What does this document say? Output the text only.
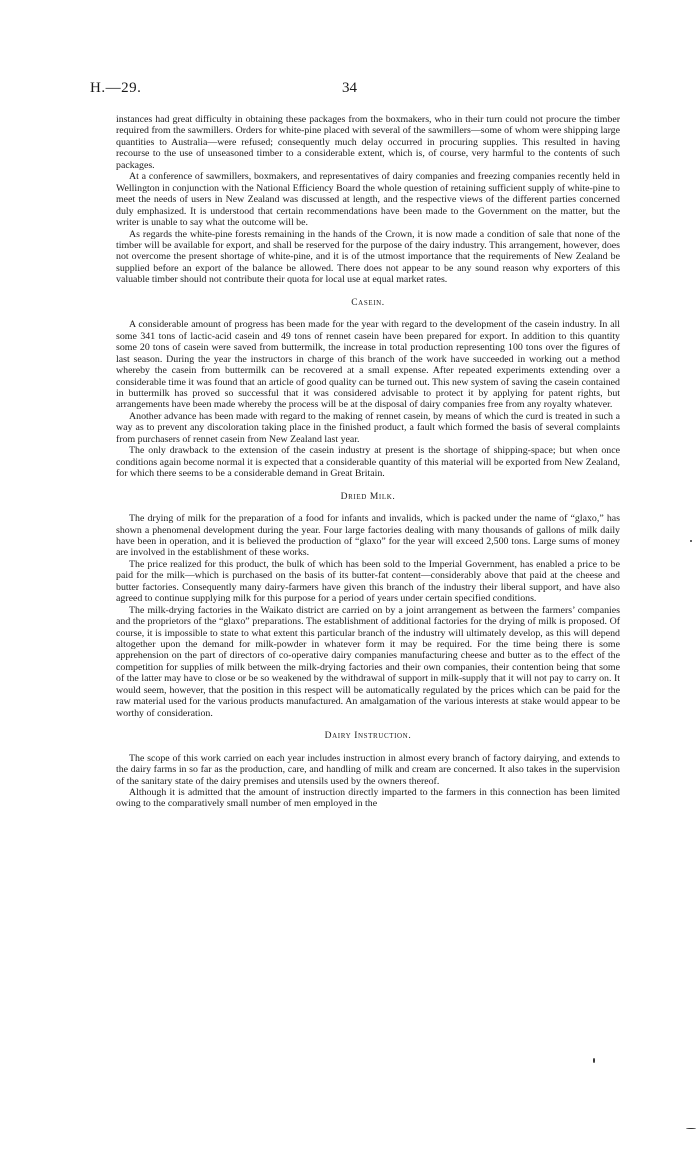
H.—29.	34

instances had great difficulty in obtaining these packages from the boxmakers, who in their turn could not procure the timber required from the sawmillers. Orders for white-pine placed with several of the sawmillers—some of whom were shipping large quantities to Australia—were refused; consequently much delay occurred in procuring supplies. This resulted in having recourse to the use of unseasoned timber to a considerable extent, which is, of course, very harmful to the contents of such packages.

At a conference of sawmillers, boxmakers, and representatives of dairy companies and freezing companies recently held in Wellington in conjunction with the National Efficiency Board the whole question of retaining sufficient supply of white-pine to meet the needs of users in New Zealand was discussed at length, and the respective views of the different parties concerned duly emphasized. It is understood that certain recommendations have been made to the Government on the matter, but the writer is unable to say what the outcome will be.

As regards the white-pine forests remaining in the hands of the Crown, it is now made a condition of sale that none of the timber will be available for export, and shall be reserved for the purpose of the dairy industry. This arrangement, however, does not overcome the present shortage of white-pine, and it is of the utmost importance that the requirements of New Zealand be supplied before an export of the balance be allowed. There does not appear to be any sound reason why exporters of this valuable timber should not contribute their quota for local use at equal market rates.

Casein.

A considerable amount of progress has been made for the year with regard to the development of the casein industry. In all some 341 tons of lactic-acid casein and 49 tons of rennet casein have been prepared for export. In addition to this quantity some 20 tons of casein were saved from buttermilk, the increase in total production representing 100 tons over the figures of last season. During the year the instructors in charge of this branch of the work have succeeded in working out a method whereby the casein from buttermilk can be recovered at a small expense. After repeated experiments extending over a considerable time it was found that an article of good quality can be turned out. This new system of saving the casein contained in buttermilk has proved so successful that it was considered advisable to protect it by applying for patent rights, but arrangements have been made whereby the process will be at the disposal of dairy companies free from any royalty whatever.

Another advance has been made with regard to the making of rennet casein, by means of which the curd is treated in such a way as to prevent any discoloration taking place in the finished product, a fault which formed the basis of several complaints from purchasers of rennet casein from New Zealand last year.

The only drawback to the extension of the casein industry at present is the shortage of shipping-space; but when once conditions again become normal it is expected that a considerable quantity of this material will be exported from New Zealand, for which there seems to be a considerable demand in Great Britain.

Dried Milk.

The drying of milk for the preparation of a food for infants and invalids, which is packed under the name of “glaxo,” has shown a phenomenal development during the year. Four large factories dealing with many thousands of gallons of milk daily have been in operation, and it is believed the production of “glaxo” for the year will exceed 2,500 tons. Large sums of money are involved in the establishment of these works.

The price realized for this product, the bulk of which has been sold to the Imperial Government, has enabled a price to be paid for the milk—which is purchased on the basis of its butter-fat content—considerably above that paid at the cheese and butter factories. Consequently many dairy-farmers have given this branch of the industry their liberal support, and have also agreed to continue supplying milk for this purpose for a period of years under certain specified conditions.

The milk-drying factories in the Waikato district are carried on by a joint arrangement as between the farmers’ companies and the proprietors of the “glaxo” preparations. The establishment of additional factories for the drying of milk is proposed. Of course, it is impossible to state to what extent this particular branch of the industry will ultimately develop, as this will depend altogether upon the demand for milk-powder in whatever form it may be required. For the time being there is some apprehension on the part of directors of co-operative dairy companies manufacturing cheese and butter as to the effect of the competition for supplies of milk between the milk-drying factories and their own companies, their contention being that some of the latter may have to close or be so weakened by the withdrawal of support in milk-supply that it will not pay to carry on. It would seem, however, that the position in this respect will be automatically regulated by the prices which can be paid for the raw material used for the various products manufactured. An amalgamation of the various interests at stake would appear to be worthy of consideration.

Dairy Instruction.

The scope of this work carried on each year includes instruction in almost every branch of factory dairying, and extends to the dairy farms in so far as the production, care, and handling of milk and cream are concerned. It also takes in the supervision of the sanitary state of the dairy premises and utensils used by the owners thereof.

Although it is admitted that the amount of instruction directly imparted to the farmers in this connection has been limited owing to the comparatively small number of men employed in the
